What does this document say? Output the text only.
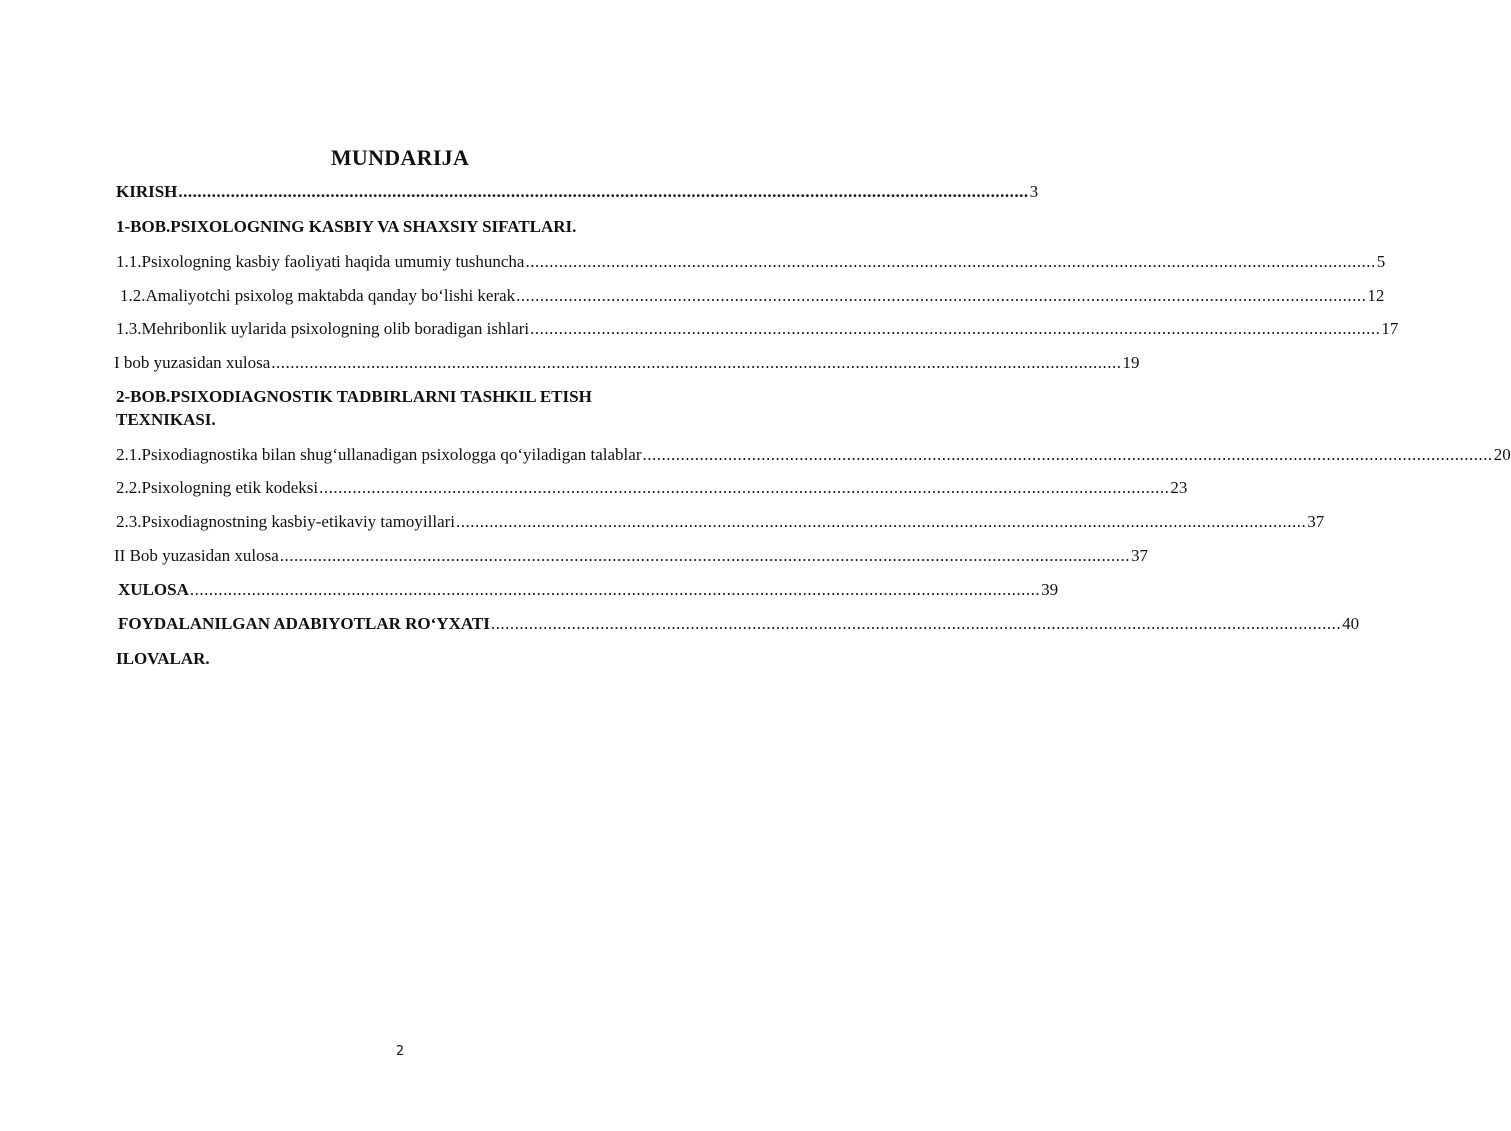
MUNDARIJA
KIRISH ................................................................................................................................................................................... 3
1-BOB.PSIXOLOGNING KASBIY VA SHAXSIY SIFATLARI.
1.1.Psixologning kasbiy faoliyati haqida umumiy tushuncha ................................................................................................................................................................................... 5
1.2.Amaliyotchi psixolog maktabda qanday bo‘lishi kerak ................................................................................................................................................................................... 12
1.3.Mehribonlik uylarida psixologning olib boradigan ishlari ................................................................................................................................................................................... 17
I bob yuzasidan xulosa ................................................................................................................................................................................... 19
2-BOB.PSIXODIAGNOSTIK TADBIRLARNI TASHKIL ETISH
TEXNIKASI.
2.1.Psixodiagnostika bilan shug‘ullanadigan psixologga qo‘yiladigan talablar ................................................................................................................................................................................... 20
2.2.Psixologning etik kodeksi ................................................................................................................................................................................... 23
2.3.Psixodiagnostning kasbiy-etikaviy tamoyillari ................................................................................................................................................................................... 37
II Bob yuzasidan xulosa ................................................................................................................................................................................... 37
XULOSA ................................................................................................................................................................................... 39
FOYDALANILGAN ADABIYOTLAR RO‘YXATI ................................................................................................................................................................................... 40
ILOVALAR.
2
